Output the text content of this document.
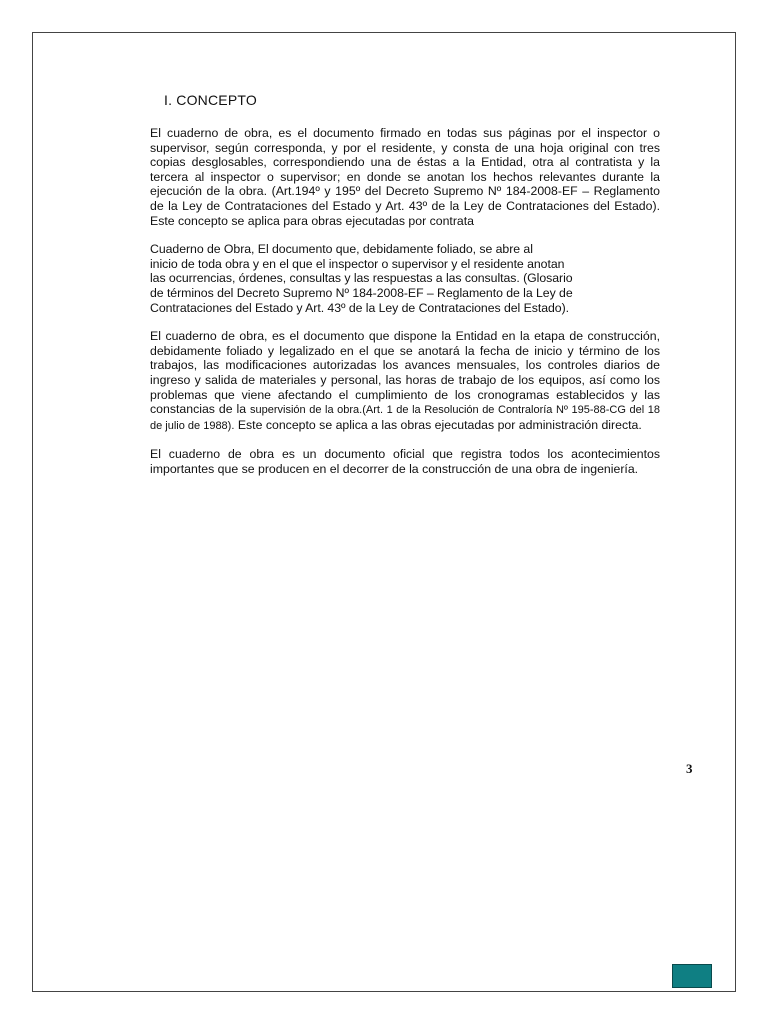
I. CONCEPTO

El cuaderno de obra, es el documento firmado en todas sus páginas por el inspector o supervisor, según corresponda, y por el residente, y consta de una hoja original con tres copias desglosables, correspondiendo una de éstas a la Entidad, otra al contratista y la tercera al inspector o supervisor; en donde se anotan los hechos relevantes durante la ejecución de la obra. (Art.194º y 195º del Decreto Supremo Nº 184-2008-EF – Reglamento de la Ley de Contrataciones del Estado y Art. 43º de la Ley de Contrataciones del Estado). Este concepto se aplica para obras ejecutadas por contrata

Cuaderno de Obra, El documento que, debidamente foliado, se abre al
inicio de toda obra y en el que el inspector o supervisor y el residente anotan
las ocurrencias, órdenes, consultas y las respuestas a las consultas. (Glosario
de términos del Decreto Supremo Nº 184-2008-EF – Reglamento de la Ley de
Contrataciones del Estado y Art. 43º de la Ley de Contrataciones del Estado).

El cuaderno de obra, es el documento que dispone la Entidad en la etapa de construcción, debidamente foliado y legalizado en el que se anotará la fecha de inicio y término de los trabajos, las modificaciones autorizadas los avances mensuales, los controles diarios de ingreso y salida de materiales y personal, las horas de trabajo de los equipos, así como los problemas que viene afectando el cumplimiento de los cronogramas establecidos y las constancias de la supervisión de la obra.(Art. 1 de la Resolución de Contraloría Nº 195-88-CG del 18 de julio de 1988). Este concepto se aplica a las obras ejecutadas por administración directa.

El cuaderno de obra es un documento oficial que registra todos los acontecimientos importantes que se producen en el decorrer de la construcción de una obra de ingeniería.

3
